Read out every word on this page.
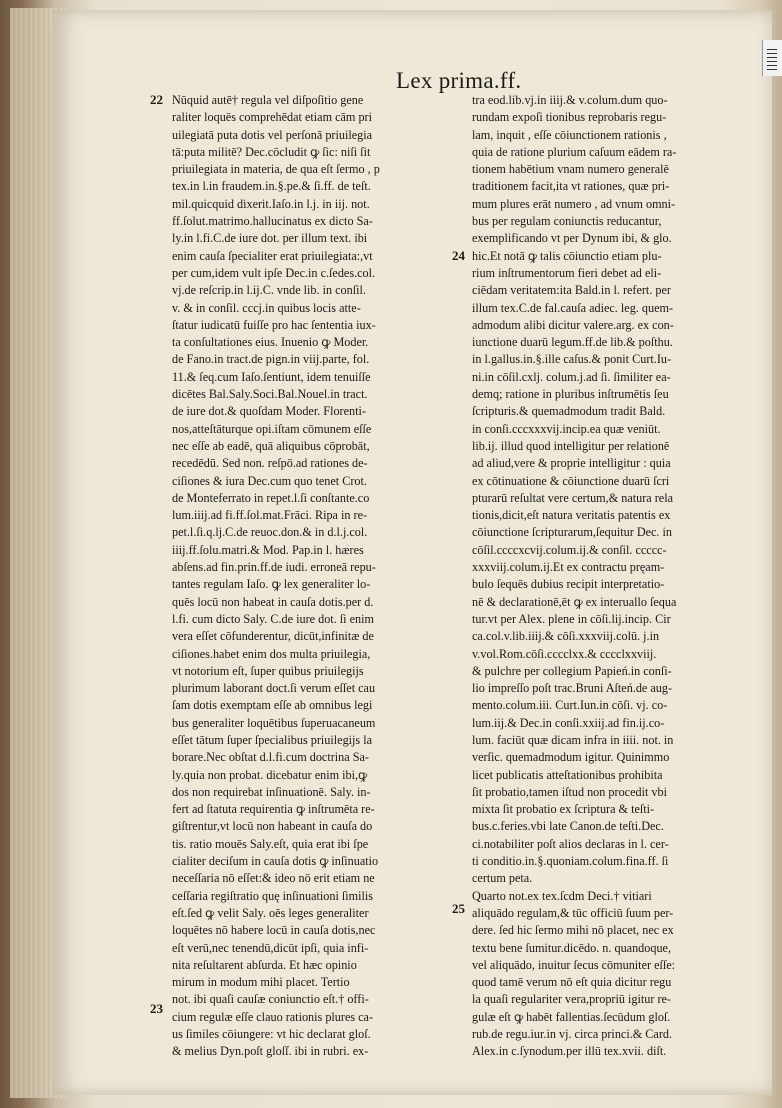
Lex prima.ff.
Nūquid autē† regula vel diſpoſitio gene
raliter loquēs comprehēdat etiam cām pri
uilegiatā puta dotis vel perſonā priuilegia
tā:puta militē? Dec.cōcludit ꝙ ſic: niſi ſit
priuilegiata in materia, de qua eſt ſermo , p
tex.in l.in fraudem.in.§.pe.& ſi.ff. de teſt.
mil.quicquid dixerit.Iaſo.in l.j. in iij. not.
ff.ſolut.matrimo.hallucinatus ex dicto Sa-
ly.in l.fi.C.de iure dot. per illum text. ibi
enim cauſa ſpecialiter erat priuilegiata:,vt
per cum,idem vult ipſe Dec.in c.ſedes.col.
vj.de reſcrip.in l.ij.C. vnde lib. in conſil.
v. & in conſil. cccj.in quibus locis atte-
ſtatur iudicatū fuiſſe pro hac ſententia iux-
ta conſultationes eius. Inuenio ꝙ Moder.
de Fano.in tract.de pign.in viij.parte, fol.
11.& ſeq.cum Iaſo.ſentiunt, idem tenuiſſe
dicētes Bal.Saly.Soci.Bal.Nouel.in tract.
de iure dot.& quoſdam Moder. Florenti-
nos,atteſtāturque opi.iſtam cōmunem eſſe
nec eſſe ab eadē, quā aliquibus cōprobāt,
recedēdū. Sed non. reſpō.ad rationes de-
ciſiones & iura Dec.cum quo tenet Crot.
de Monteferrato in repet.l.ſi conſtante.co
lum.iiij.ad fi.ff.ſol.mat.Frāci. Ripa in re-
pet.l.ſi.q.lj.C.de reuoc.don.& in d.l.j.col.
iiij.ff.ſolu.matri.& Mod. Pap.in l. hæres
abſens.ad fin.prin.ff.de iudi. erroneā repu-
tantes regulam Iaſo. ꝙ lex generaliter lo-
quēs locū non habeat in cauſa dotis.per d.
l.fi. cum dicto Saly. C.de iure dot. ſi enim
vera eſſet cōfunderentur, dicūt,infinitæ de
ciſiones.habet enim dos multa priuilegia,
vt notorium eſt, ſuper quibus priuilegijs
plurimum laborant doct.ſi verum eſſet cau
ſam dotis exemptam eſſe ab omnibus legi
bus generaliter loquētibus ſuperuacaneum
eſſet tātum ſuper ſpecialibus priuilegijs la
borare.Nec obſtat d.l.fi.cum doctrina Sa-
ly.quia non probat. dicebatur enim ibi,ꝙ
dos non requirebat inſinuationē. Saly. in-
fert ad ſtatuta requirentia ꝙ inſtrumēta re-
giſtrentur,vt locū non habeant in cauſa do
tis. ratio mouēs Saly.eſt, quia erat ibi ſpe
cialiter deciſum in cauſa dotis ꝙ inſinuatio
neceſſaria nō eſſet:& ideo nō erit etiam ne
ceſſaria regiſtratio quę inſinuationi ſimilis
eſt.ſed ꝙ velit Saly. oēs leges generaliter
loquētes nō habere locū in cauſa dotis,nec
eſt verū,nec tenendū,dicūt ipſi, quia infi-
nita reſultarent abſurda. Et hæc opinio
mirum in modum mihi placet. Tertio
not. ibi quaſi cauſæ coniunctio eſt.† offi-
cium regulæ eſſe clauo rationis plures ca-
us ſimiles cōiungere: vt hic declarat gloſ.
& melius Dyn.poſt gloſſ. ibi in rubri. ex-
tra eod.lib.vj.in iiij.& v.colum.dum quo-
rundam expoſi tionibus reprobaris regu-
lam, inquit , eſſe cōiunctionem rationis ,
quia de ratione plurium caſuum eādem ra-
tionem habētium vnam numero generalē
traditionem facit,ita vt rationes, quæ pri-
mum plures erāt numero , ad vnum omni-
bus per regulam coniunctis reducantur,
exemplificando vt per Dynum ibi, & glo.
hic.Et notā ꝙ talis cōiunctio etiam plu-
rium inſtrumentorum fieri debet ad eli-
ciēdam veritatem:ita Bald.in l. refert. per
illum tex.C.de fal.cauſa adiec. leg. quem-
admodum alibi dicitur valere.arg. ex con-
iunctione duarū legum.ff.de lib.& poſthu.
in l.gallus.in.§.ille caſus.& ponit Curt.Iu-
ni.in cōſil.cxlj. colum.j.ad ſi. ſimiliter ea-
demq; ratione in pluribus inſtrumētis ſeu
ſcripturis.& quemadmodum tradit Bald.
in conſi.cccxxxvij.incip.ea quæ veniūt.
lib.ij. illud quod intelligitur per relationē
ad aliud,vere & proprie intelligitur : quia
ex cōtinuatione & cōiunctione duarū ſcri
pturarū reſultat vere certum,& natura rela
tionis,dicit,eſt natura veritatis patentis ex
cōiunctione ſcripturarum,ſequitur Dec. in
cōſil.ccccxcvij.colum.ij.& conſil. ccccc-
xxxviij.colum.ij.Et ex contractu pręam-
bulo ſequēs dubius recipit interpretatio-
nē & declarationē,ēt ꝙ ex interuallo ſequa
tur.vt per Alex. plene in cōſi.lij.incip. Cir
ca.col.v.lib.iiij.& cōſi.xxxviij.colū. j.in
v.vol.Rom.cōſi.cccclxx.& cccclxxviij.
& pulchre per collegium Papień.in conſi-
lio impreſſo poſt trac.Bruni Aſteń.de aug-
mento.colum.iii. Curt.Iun.in cōſi. vj. co-
lum.iij.& Dec.in conſi.xxiij.ad fin.ij.co-
lum. faciūt quæ dicam infra in iiii. not. in
verſic. quemadmodum igitur. Quinimmo
licet publicatis atteſtationibus prohibita
ſit probatio,tamen iſtud non procedit vbi
mixta ſit probatio ex ſcriptura & teſti-
bus.c.feries.vbi late Canon.de teſti.Dec.
ci.notabiliter poſt alios declaras in l. cer-
ti conditio.in.§.quoniam.colum.fina.ff. ſi
certum peta.
Quarto not.ex tex.ſcdm Deci.† vitiari
aliquādo regulam,& tūc officiū ſuum per-
dere. ſed hic ſermo mihi nō placet, nec ex
textu bene ſumitur.dicēdo. n. quandoque,
vel aliquādo, inuitur ſecus cōmuniter eſſe:
quod tamē verum nō eſt quia dicitur regu
la quaſi regulariter vera,propriū igitur re-
gulæ eſt ꝙ habēt fallentias.ſecūdum gloſ.
rub.de regu.iur.in vj. circa princi.& Card.
Alex.in c.ſynodum.per illū tex.xvii. diſt.
22
23
24
25
